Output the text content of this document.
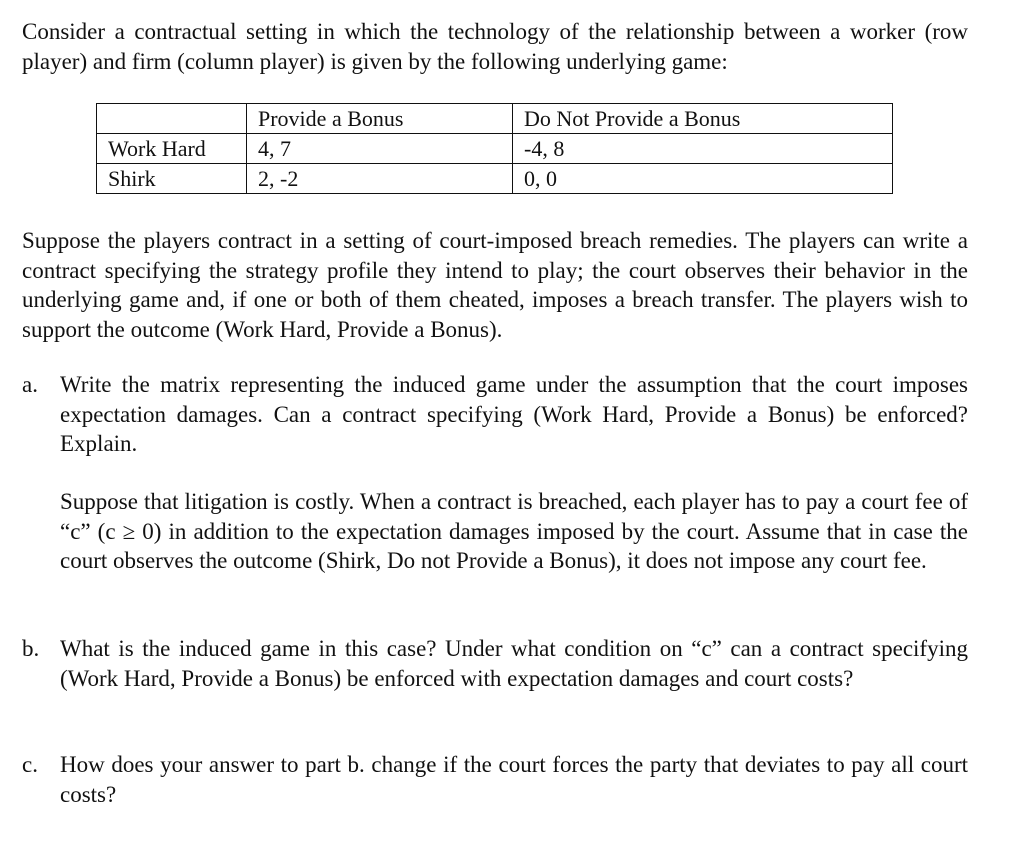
Consider a contractual setting in which the technology of the relationship between a worker (row player) and firm (column player) is given by the following underlying game:

	Provide a Bonus	Do Not Provide a Bonus
Work Hard	4, 7	-4, 8
Shirk	2, -2	0, 0

Suppose the players contract in a setting of court-imposed breach remedies. The players can write a contract specifying the strategy profile they intend to play; the court observes their behavior in the underlying game and, if one or both of them cheated, imposes a breach transfer. The players wish to support the outcome (Work Hard, Provide a Bonus).

a. Write the matrix representing the induced game under the assumption that the court imposes expectation damages. Can a contract specifying (Work Hard, Provide a Bonus) be enforced? Explain.

Suppose that litigation is costly. When a contract is breached, each player has to pay a court fee of “c” (c ≥ 0) in addition to the expectation damages imposed by the court. Assume that in case the court observes the outcome (Shirk, Do not Provide a Bonus), it does not impose any court fee.

b. What is the induced game in this case? Under what condition on “c” can a contract specifying (Work Hard, Provide a Bonus) be enforced with expectation damages and court costs?

c. How does your answer to part b. change if the court forces the party that deviates to pay all court costs?
